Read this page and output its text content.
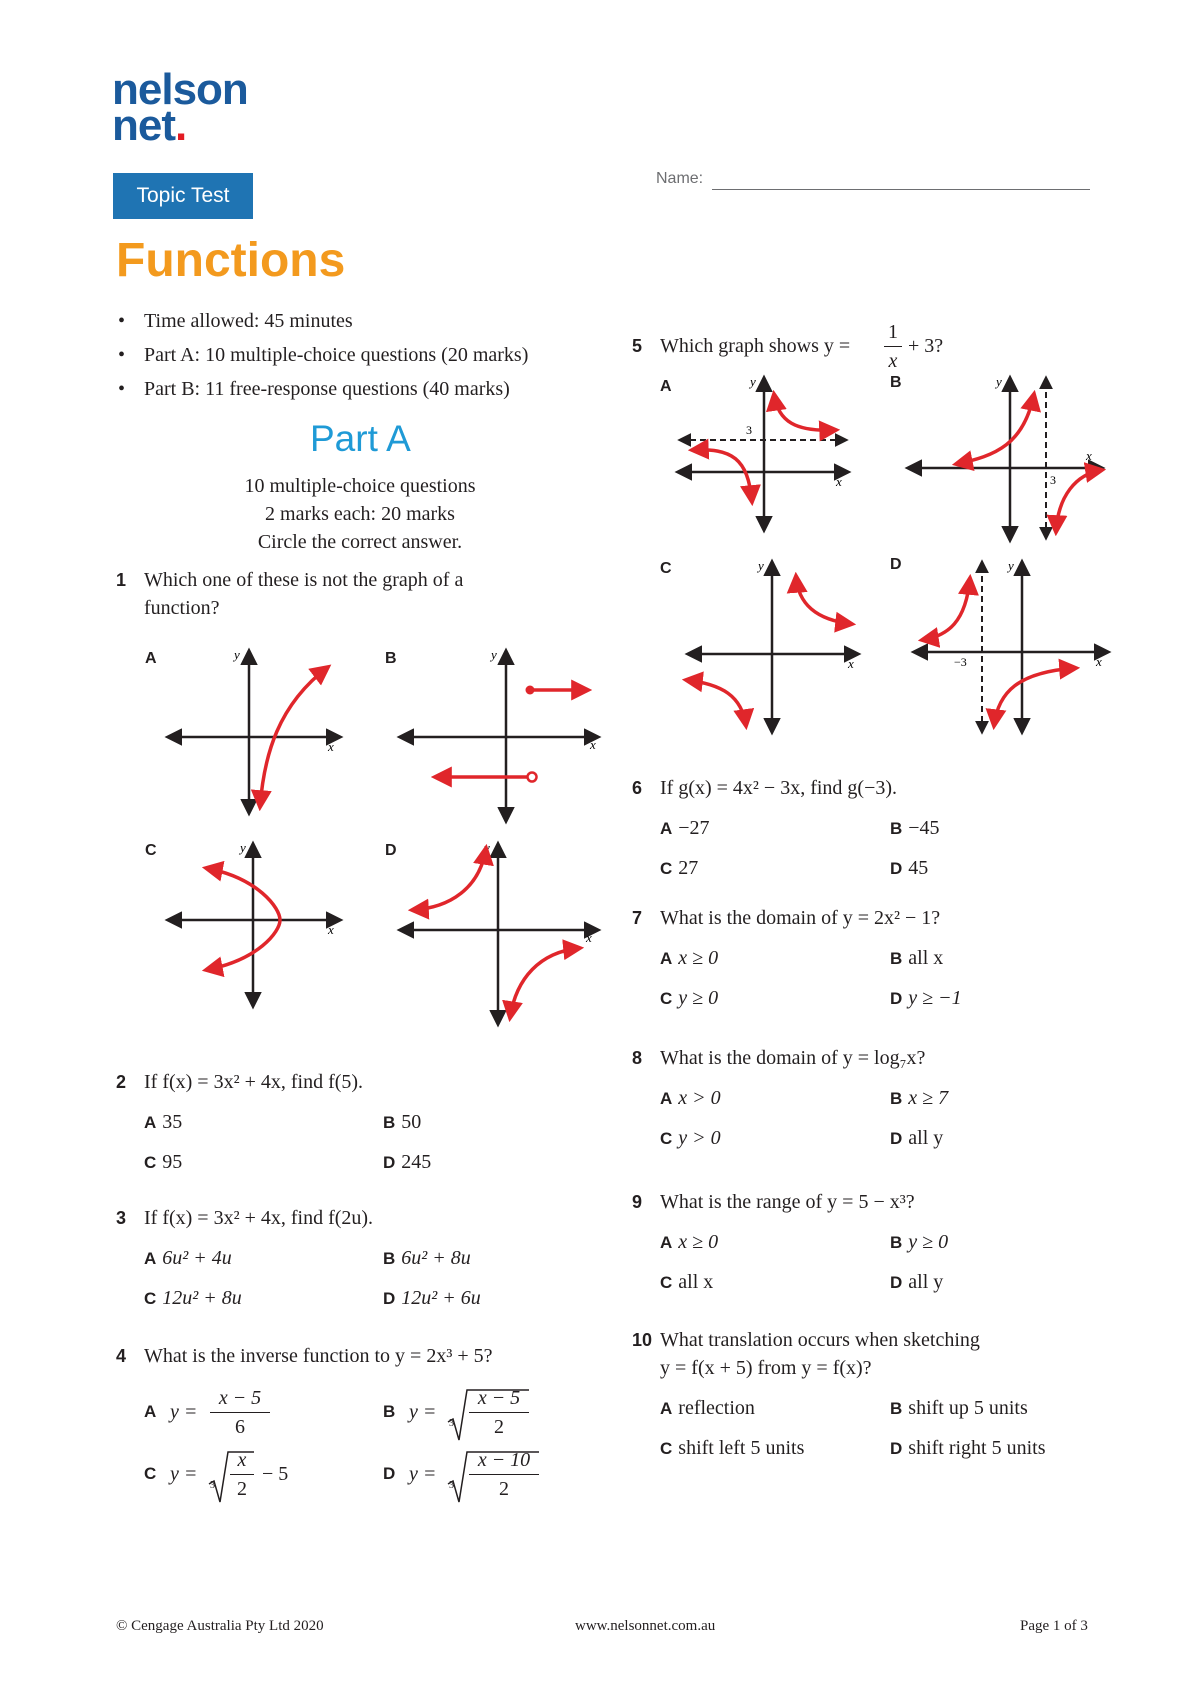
nelson
net.
Topic Test
Name:
Functions
• Time allowed: 45 minutes
• Part A: 10 multiple-choice questions (20 marks)
• Part B: 11 free-response questions (40 marks)
Part A
10 multiple-choice questions
2 marks each: 20 marks
Circle the correct answer.
1 Which one of these is not the graph of a
function?
A	y
x
B	y
x
C	y
x
D	y
x
2 If f(x) = 3x² + 4x, find f(5).
A 35	B 50
C 95	D 245
3 If f(x) = 3x² + 4x, find f(2u).
A 6u² + 4u	B 6u² + 8u
C 12u² + 8u	D 12u² + 6u
4 What is the inverse function to y = 2x³ + 5?
A $y = \frac{x - 5}{6}$	B y =
$3 \frac{x - 5}{2}$
C y =
$3 \frac{x}{2} - 5$	D y =
$3 \frac{x - 10}{2}$
5 Which graph shows $y = \frac{1}{x} + 3$?
A	y
x
3
B	y
x
3
C	y
x
D	y
x
−3
6 If g(x) = 4x² − 3x, find g(−3).
A −27	B −45
C 27	D 45
7 What is the domain of y = 2x² − 1?
A x ≥ 0	B all x
C y ≥ 0	D y ≥ −1
8 What is the domain of y = log₇x?
A x > 0	B x ≥ 7
C y > 0	D all y
9 What is the range of y = 5 − x³?
A x ≥ 0	B y ≥ 0
C all x	D all y
10 What translation occurs when sketching
y = f(x + 5) from y = f(x)?
A reflection	B shift up 5 units
C shift left 5 units	D shift right 5 units
© Cengage Australia Pty Ltd 2020	www.nelsonnet.com.au	Page 1 of 3
